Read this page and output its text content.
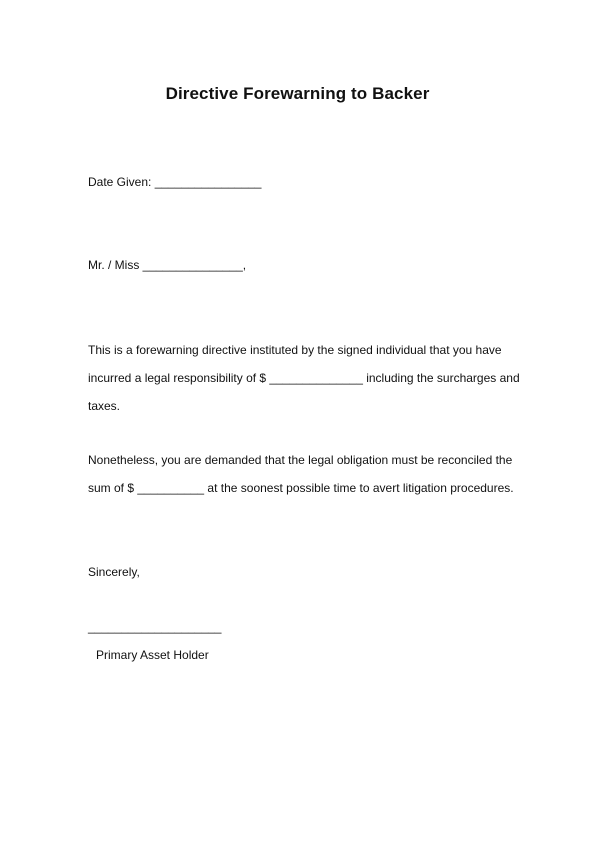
Directive Forewarning to Backer
Date Given: ________________
Mr. / Miss _______________,
This is a forewarning directive instituted by the signed individual that you have
incurred a legal responsibility of $ ______________ including the surcharges and
taxes.
Nonetheless, you are demanded that the legal obligation must be reconciled the
sum of $ __________ at the soonest possible time to avert litigation procedures.
Sincerely,
____________________
Primary Asset Holder
